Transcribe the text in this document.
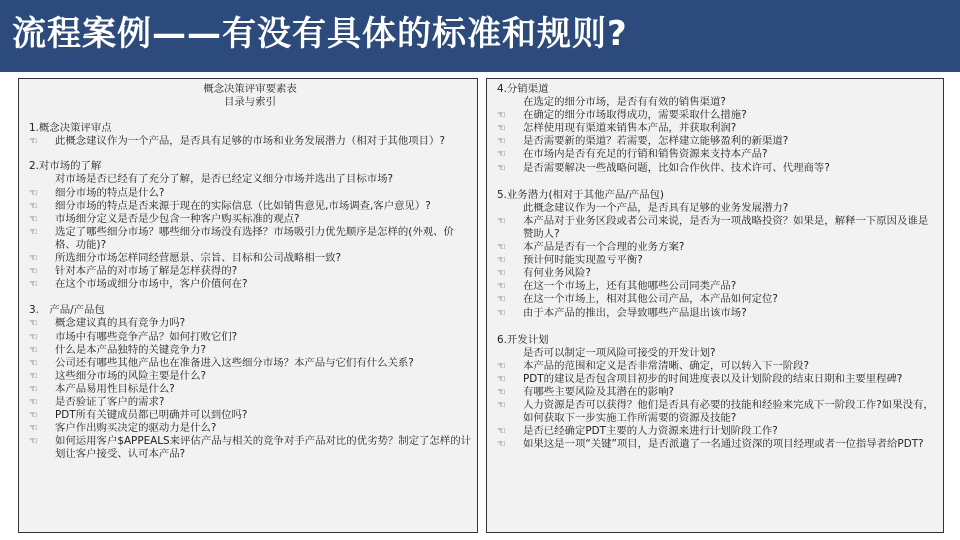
流程案例——有没有具体的标准和规则?
概念决策评审要素表
目录与索引
1.概念决策评审点
☜	此概念建议作为一个产品，是否具有足够的市场和业务发展潜力（相对于其他项目）?
2.对市场的了解
对市场是否已经有了充分了解，是否已经定义细分市场并选出了目标市场?
☜	细分市场的特点是什么?
☜	细分市场的特点是否来源于现在的实际信息（比如销售意见,市场调查,客户意见）?
☜	市场细分定义是否是少包含一种客户购买标准的观点?
☜	选定了哪些细分市场？哪些细分市场没有选择？市场吸引力优先顺序是怎样的(外观、价格、功能)?
☜	所选细分市场怎样同经营愿景、宗旨、目标和公司战略相一致?
☜	针对本产品的对市场了解是怎样获得的?
☜	在这个市场或细分市场中，客户价值何在?
3.　产品/产品包
☜	概念建议真的具有竞争力吗?
☜	市场中有哪些竞争产品？如何打败它们?
☜	什么是本产品独特的关键竞争力?
☜	公司还有哪些其他产品也在准备进入这些细分市场？本产品与它们有什么关系?
☜	这些细分市场的风险主要是什么?
☜	本产品易用性目标是什么?
☜	是否验证了客户的需求?
☜	PDT所有关键成员都已明确并可以到位吗?
☜	客户作出购买决定的驱动力是什么?
☜	如何运用客户$APPEALS来评估产品与相关的竞争对手产品对比的优劣势？制定了怎样的计划让客户接受、认可本产品?
4.分销渠道
在选定的细分市场，是否有有效的销售渠道?
☜	在确定的细分市场取得成功，需要采取什么措施?
☜	怎样使用现有渠道来销售本产品，并获取利润?
☜	是否需要新的渠道？若需要，怎样建立能够盈利的新渠道?
☜	在市场内是否有充足的行销和销售资源来支持本产品?
☜	是否需要解决一些战略问题，比如合作伙伴、技术许可、代理商等?
5.业务潜力(相对于其他产品/产品包)
此概念建议作为一个产品，是否具有足够的业务发展潜力?
☜	本产品对于业务区段或者公司来说，是否为一项战略投资？如果是，解释一下原因及谁是赞助人?
☜	本产品是否有一个合理的业务方案?
☜	预计何时能实现盈亏平衡?
☜	有何业务风险?
☜	在这一个市场上，还有其他哪些公司同类产品?
☜	在这一个市场上，相对其他公司产品，本产品如何定位?
☜	由于本产品的推出，会导致哪些产品退出该市场?
6.开发计划
是否可以制定一项风险可接受的开发计划?
☜	本产品的范围和定义是否非常清晰、确定，可以转入下一阶段?
☜	PDT的建议是否包含项目初步的时间进度表以及计划阶段的结束日期和主要里程碑?
☜	有哪些主要风险及其潜在的影响?
☜	人力资源是否可以获得？他们是否具有必要的技能和经验来完成下一阶段工作?如果没有，如何获取下一步实施工作所需要的资源及技能?
☜	是否已经确定PDT主要的人力资源来进行计划阶段工作?
☜	如果这是一项“关键”项目，是否派遣了一名通过资深的项目经理或者一位指导者给PDT?
